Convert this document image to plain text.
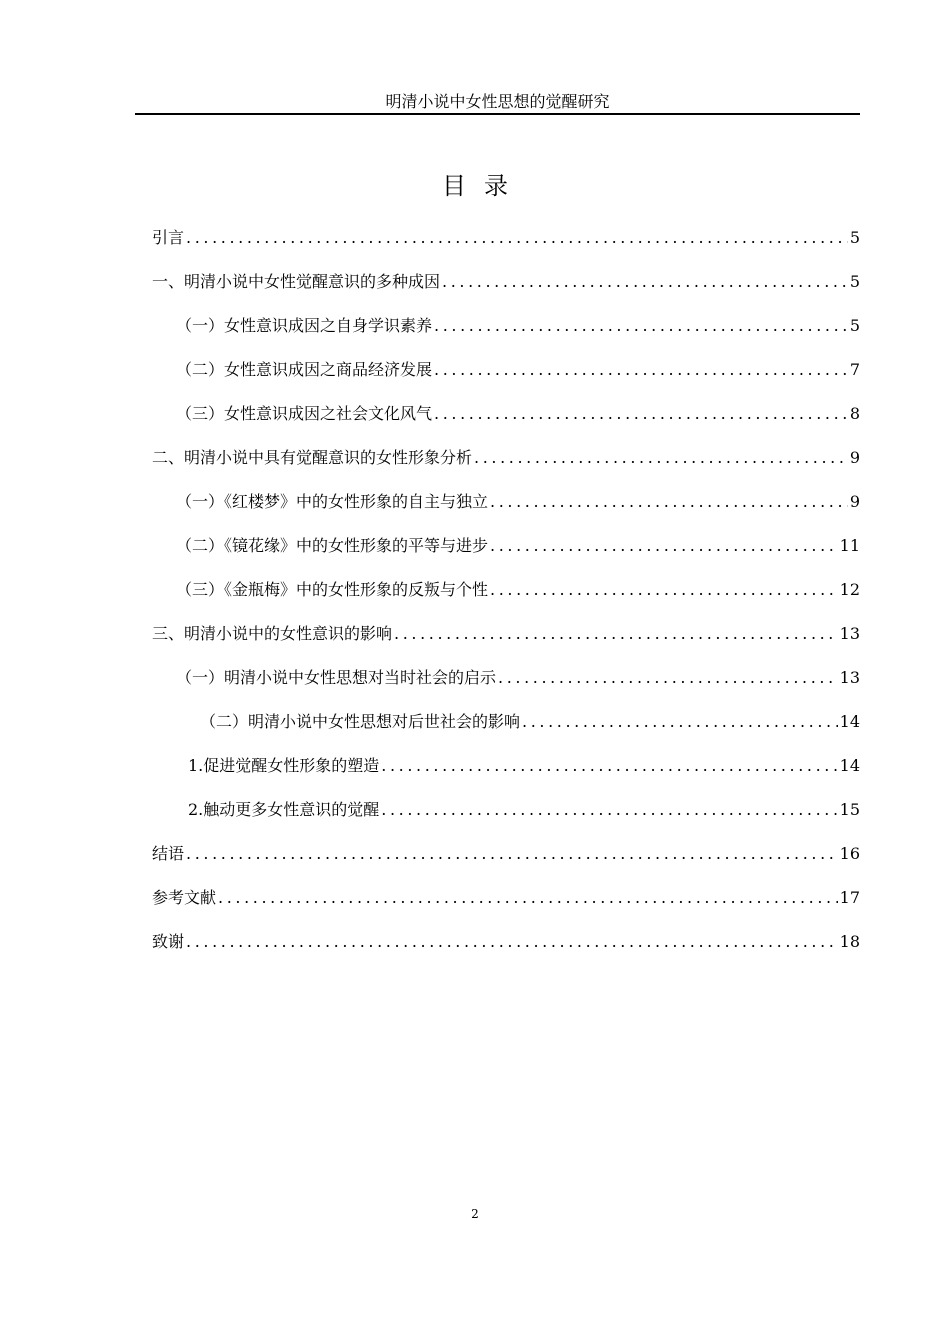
明清小说中女性思想的觉醒研究
目录
引言 .....	5
一、明清小说中女性觉醒意识的多种成因 .....	5
（一）女性意识成因之自身学识素养 .....	5
（二）女性意识成因之商品经济发展 .....	7
（三）女性意识成因之社会文化风气 .....	8
二、明清小说中具有觉醒意识的女性形象分析 .....	9
（一）《红楼梦》中的女性形象的自主与独立 .....	9
（二）《镜花缘》中的女性形象的平等与进步 .....	11
（三）《金瓶梅》中的女性形象的反叛与个性 .....	12
三、明清小说中的女性意识的影响 .....	13
（一）明清小说中女性思想对当时社会的启示 .....	13
（二）明清小说中女性思想对后世社会的影响 .....	14
1.促进觉醒女性形象的塑造 .....	14
2.触动更多女性意识的觉醒 .....	15
结语 .....	16
参考文献 .....	17
致谢 .....	18
2
